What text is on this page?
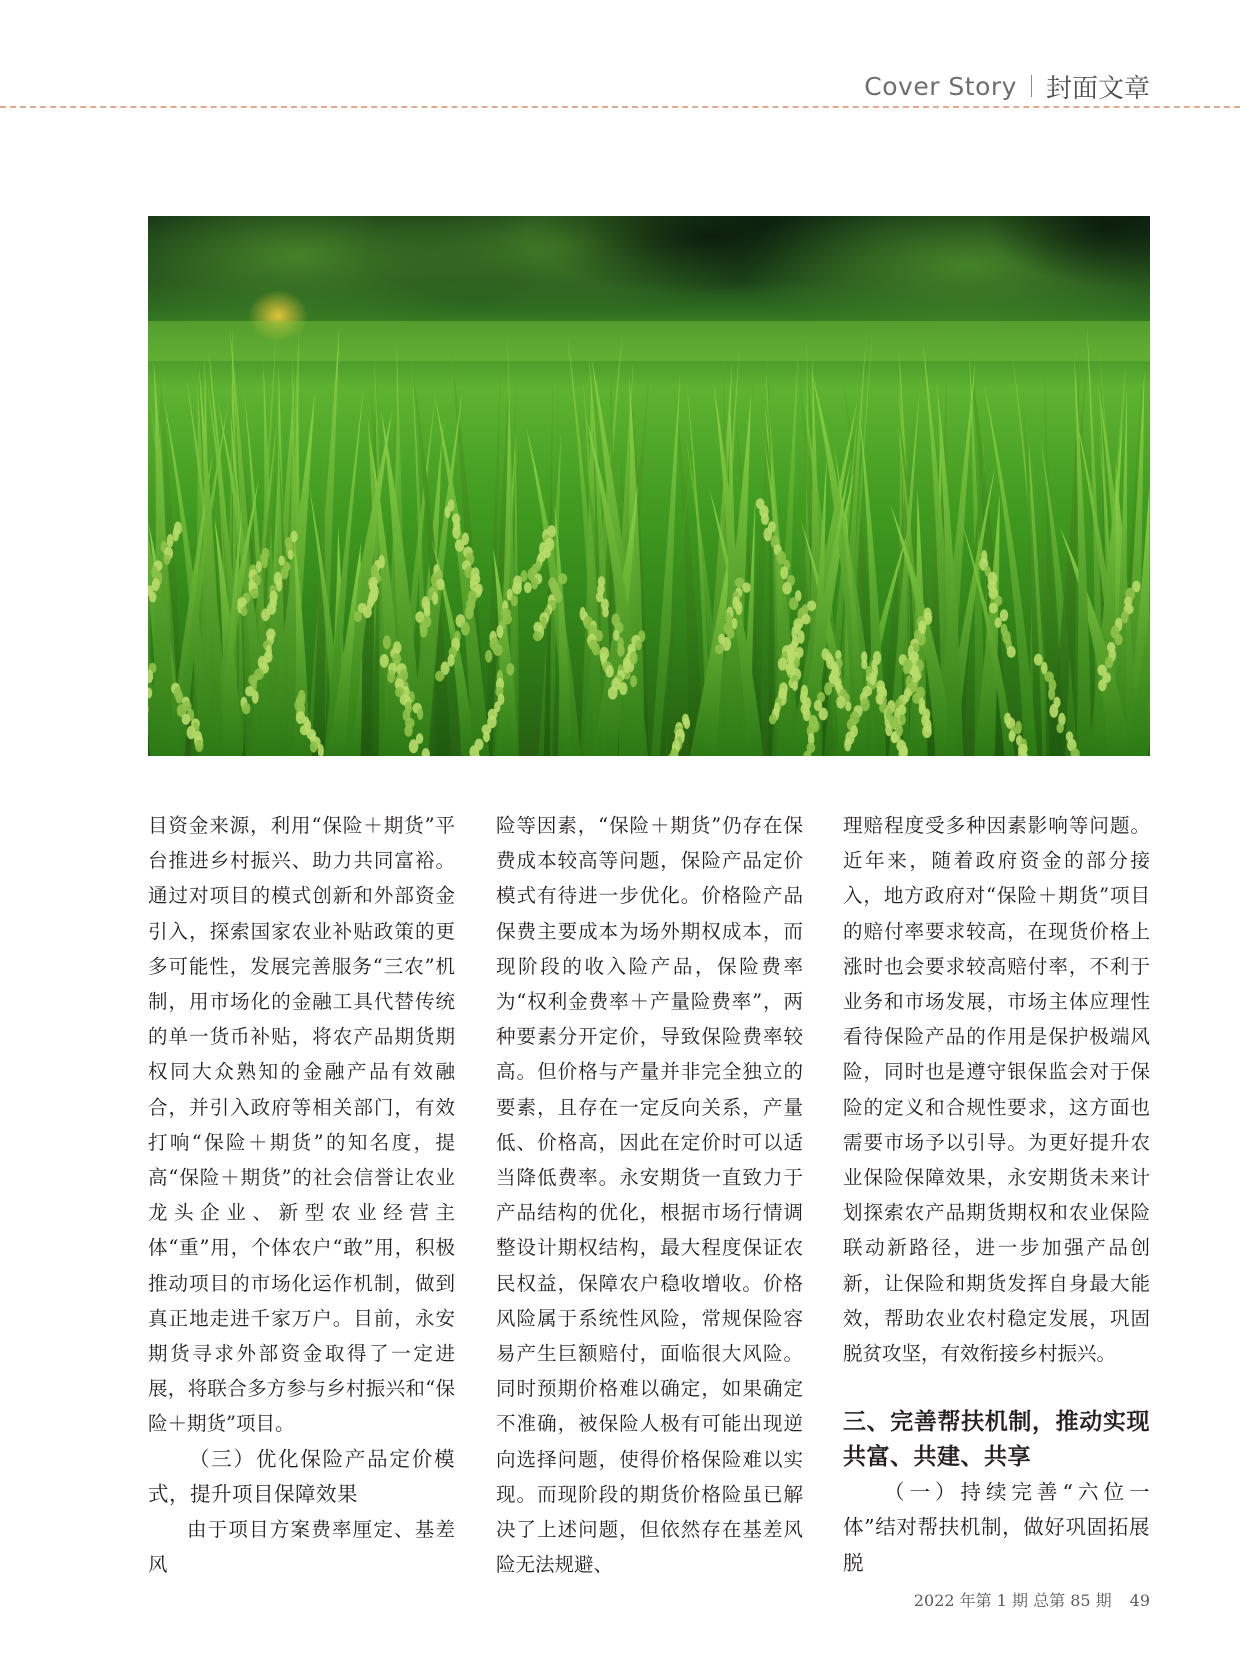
Cover Story 封面文章

目资金来源，利用“保险＋期货”平台推进乡村振兴、助力共同富裕。通过对项目的模式创新和外部资金引入，探索国家农业补贴政策的更多可能性，发展完善服务“三农”机制，用市场化的金融工具代替传统的单一货币补贴，将农产品期货期权同大众熟知的金融产品有效融合，并引入政府等相关部门，有效打响“保险＋期货”的知名度，提高“保险＋期货”的社会信誉让农业龙头企业、新型农业经营主体“重”用，个体农户“敢”用，积极推动项目的市场化运作机制，做到真正地走进千家万户。目前，永安期货寻求外部资金取得了一定进展，将联合多方参与乡村振兴和“保险＋期货”项目。

（三）优化保险产品定价模式，提升项目保障效果

由于项目方案费率厘定、基差风

险等因素，“保险＋期货”仍存在保费成本较高等问题，保险产品定价模式有待进一步优化。价格险产品保费主要成本为场外期权成本，而现阶段的收入险产品，保险费率为“权利金费率＋产量险费率”，两种要素分开定价，导致保险费率较高。但价格与产量并非完全独立的要素，且存在一定反向关系，产量低、价格高，因此在定价时可以适当降低费率。永安期货一直致力于产品结构的优化，根据市场行情调整设计期权结构，最大程度保证农民权益，保障农户稳收增收。价格风险属于系统性风险，常规保险容易产生巨额赔付，面临很大风险。同时预期价格难以确定，如果确定不准确，被保险人极有可能出现逆向选择问题，使得价格保险难以实现。而现阶段的期货价格险虽已解决了上述问题，但依然存在基差风险无法规避、

理赔程度受多种因素影响等问题。近年来，随着政府资金的部分接入，地方政府对“保险＋期货”项目的赔付率要求较高，在现货价格上涨时也会要求较高赔付率，不利于业务和市场发展，市场主体应理性看待保险产品的作用是保护极端风险，同时也是遵守银保监会对于保险的定义和合规性要求，这方面也需要市场予以引导。为更好提升农业保险保障效果，永安期货未来计划探索农产品期货期权和农业保险联动新路径，进一步加强产品创新，让保险和期货发挥自身最大能效，帮助农业农村稳定发展，巩固脱贫攻坚，有效衔接乡村振兴。

三、完善帮扶机制，推动实现共富、共建、共享
（一）持续完善“六位一体”结对帮扶机制，做好巩固拓展脱
2022 年第 1 期 总第 85 期 49
